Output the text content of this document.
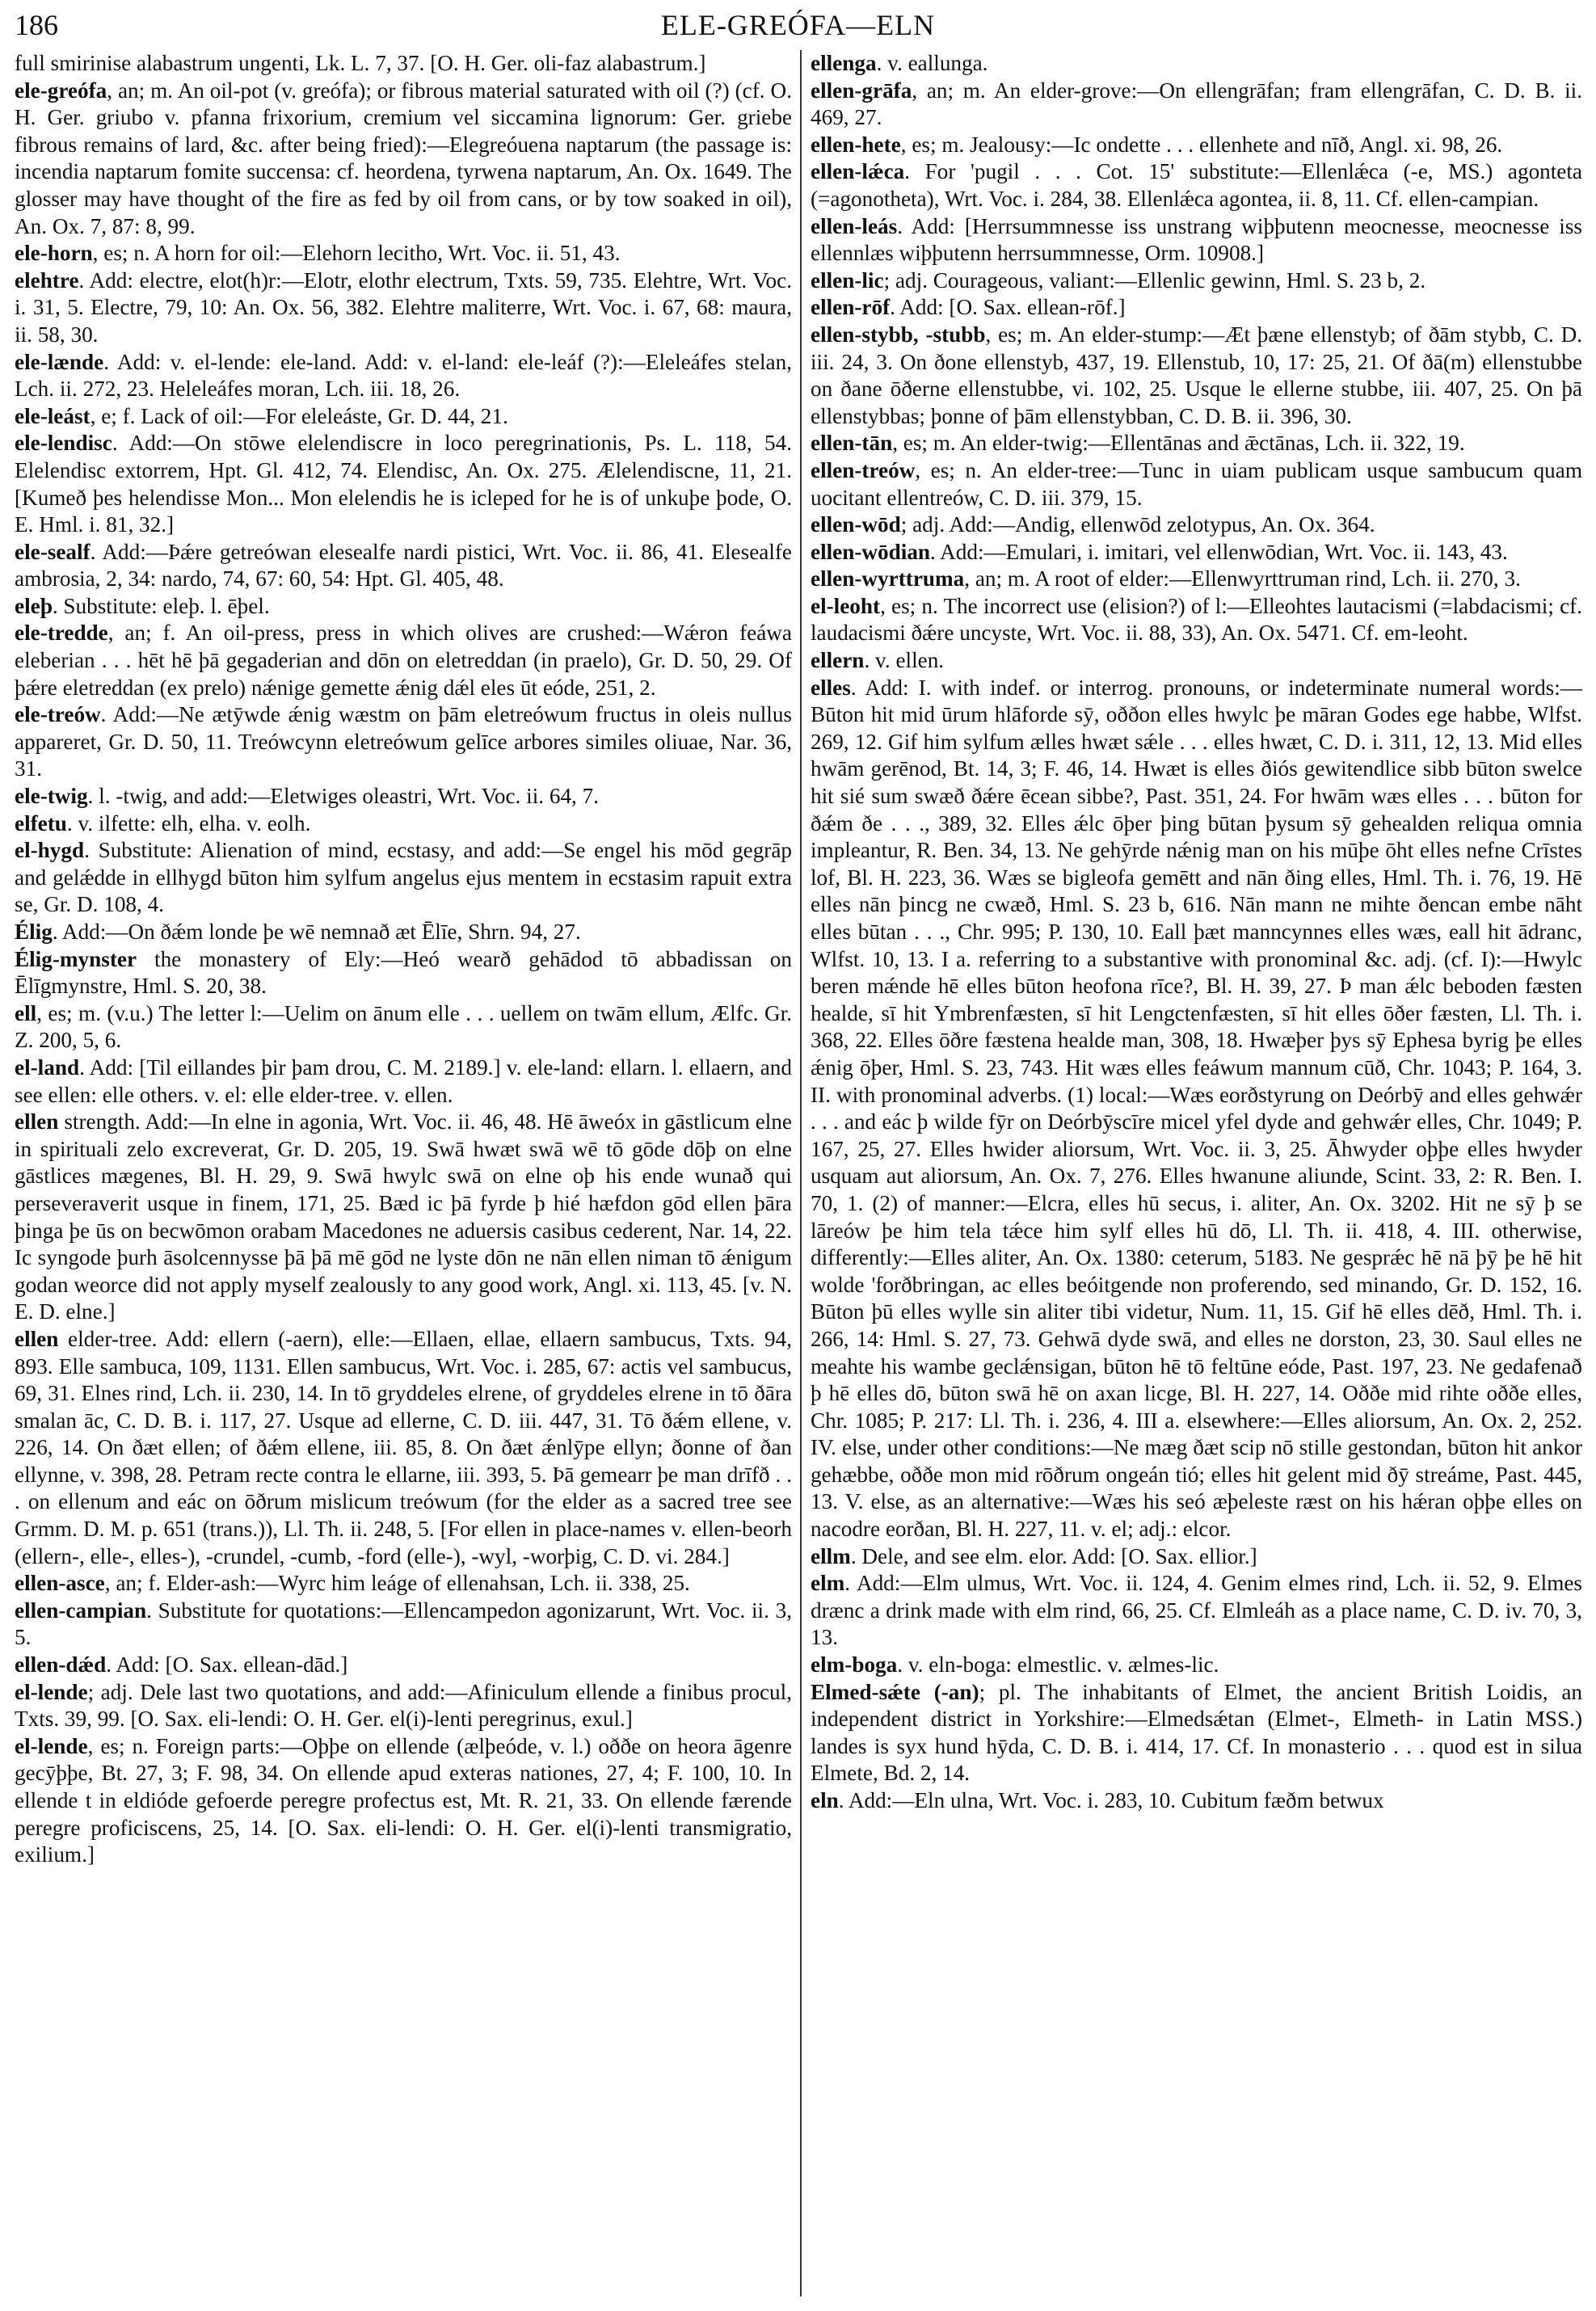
186	ELE-GREÓFA—ELN

full smirinise alabastrum ungenti, Lk. L. 7, 37. [O. H. Ger. oli-faz alabastrum.]

ele-greófa, an; m. An oil-pot (v. greófa); or fibrous material saturated with oil (?) (cf. O. H. Ger. griubo v. pfanna frixorium, cremium vel siccamina lignorum: Ger. griebe fibrous remains of lard, &c. after being fried):—Elegreóuena naptarum (the passage is: incendia naptarum fomite succensa: cf. heordena, tyrwena naptarum, An. Ox. 1649. The glosser may have thought of the fire as fed by oil from cans, or by tow soaked in oil), An. Ox. 7, 87: 8, 99.

ele-horn, es; n. A horn for oil:—Elehorn lecitho, Wrt. Voc. ii. 51, 43.

elehtre. Add: electre, elot(h)r:—Elotr, elothr electrum, Txts. 59, 735. Elehtre, Wrt. Voc. i. 31, 5. Electre, 79, 10: An. Ox. 56, 382. Elehtre maliterre, Wrt. Voc. i. 67, 68: maura, ii. 58, 30.

ele-lænde. Add: v. el-lende: ele-land. Add: v. el-land: ele-leáf (?):—Eleleáfes stelan, Lch. ii. 272, 23. Heleleáfes moran, Lch. iii. 18, 26.

ele-leást, e; f. Lack of oil:—For eleleáste, Gr. D. 44, 21.

ele-lendisc. Add:—On stōwe elelendiscre in loco peregrinationis, Ps. L. 118, 54. Elelendisc extorrem, Hpt. Gl. 412, 74. Elendisc, An. Ox. 275. Ælelendiscne, 11, 21. [Kumeð þes helendisse Mon... Mon elelendis he is icleped for he is of unkuþe þode, O. E. Hml. i. 81, 32.]

ele-sealf. Add:—Þǽre getreówan elesealfe nardi pistici, Wrt. Voc. ii. 86, 41. Elesealfe ambrosia, 2, 34: nardo, 74, 67: 60, 54: Hpt. Gl. 405, 48.

eleþ. Substitute: eleþ. l. ēþel.

ele-tredde, an; f. An oil-press, press in which olives are crushed:—Wǽron feáwa eleberian . . . hēt hē þā gegaderian and dōn on eletreddan (in praelo), Gr. D. 50, 29. Of þǽre eletreddan (ex prelo) nǽnige gemette ǽnig dǽl eles ūt eóde, 251, 2.

ele-treów. Add:—Ne ætȳwde ǽnig wæstm on þām eletreówum fructus in oleis nullus appareret, Gr. D. 50, 11. Treówcynn eletreówum gelīce arbores similes oliuae, Nar. 36, 31.

ele-twig. l. -twig, and add:—Eletwiges oleastri, Wrt. Voc. ii. 64, 7.

elfetu. v. ilfette: elh, elha. v. eolh.

el-hygd. Substitute: Alienation of mind, ecstasy, and add:—Se engel his mōd gegrāp and gelǽdde in ellhygd būton him sylfum angelus ejus mentem in ecstasim rapuit extra se, Gr. D. 108, 4.

Élig. Add:—On ðǽm londe þe wē nemnað æt Ēlīe, Shrn. 94, 27.

Élig-mynster the monastery of Ely:—Heó wearð gehādod tō abbadissan on Ēlīgmynstre, Hml. S. 20, 38.

ell, es; m. (v.u.) The letter l:—Uelim on ānum elle . . . uellem on twām ellum, Ælfc. Gr. Z. 200, 5, 6.

el-land. Add: [Til eillandes þir þam drou, C. M. 2189.] v. ele-land: ellarn. l. ellaern, and see ellen: elle others. v. el: elle elder-tree. v. ellen.

ellen strength. Add:—In elne in agonia, Wrt. Voc. ii. 46, 48. Hē āweóx in gāstlicum elne in spirituali zelo excreverat, Gr. D. 205, 19. Swā hwæt swā wē tō gōde dōþ on elne gāstlices mægenes, Bl. H. 29, 9. Swā hwylc swā on elne oþ his ende wunað qui perseveraverit usque in finem, 171, 25. Bæd ic þā fyrde þ hié hæfdon gōd ellen þāra þinga þe ūs on becwōmon orabam Macedones ne aduersis casibus cederent, Nar. 14, 22. Ic syngode þurh āsolcennysse þā þā mē gōd ne lyste dōn ne nān ellen niman tō ǽnigum godan weorce did not apply myself zealously to any good work, Angl. xi. 113, 45. [v. N. E. D. elne.]

ellen elder-tree. Add: ellern (-aern), elle:—Ellaen, ellae, ellaern sambucus, Txts. 94, 893. Elle sambuca, 109, 1131. Ellen sambucus, Wrt. Voc. i. 285, 67: actis vel sambucus, 69, 31. Elnes rind, Lch. ii. 230, 14. In tō gryddeles elrene, of gryddeles elrene in tō ðāra smalan āc, C. D. B. i. 117, 27. Usque ad ellerne, C. D. iii. 447, 31. Tō ðǽm ellene, v. 226, 14. On ðæt ellen; of ðǽm ellene, iii. 85, 8. On ðæt ǽnlȳpe ellyn; ðonne of ðan ellynne, v. 398, 28. Petram recte contra le ellarne, iii. 393, 5. Þā gemearr þe man drīfð . . . on ellenum and eác on ōðrum mislicum treówum (for the elder as a sacred tree see Grmm. D. M. p. 651 (trans.)), Ll. Th. ii. 248, 5. [For ellen in place-names v. ellen-beorh (ellern-, elle-, elles-), -crundel, -cumb, -ford (elle-), -wyl, -worþig, C. D. vi. 284.]

ellen-asce, an; f. Elder-ash:—Wyrc him leáge of ellenahsan, Lch. ii. 338, 25.

ellen-campian. Substitute for quotations:—Ellencampedon agonizarunt, Wrt. Voc. ii. 3, 5.

ellen-dǽd. Add: [O. Sax. ellean-dād.]

el-lende; adj. Dele last two quotations, and add:—Afiniculum ellende a finibus procul, Txts. 39, 99. [O. Sax. eli-lendi: O. H. Ger. el(i)-lenti peregrinus, exul.]

el-lende, es; n. Foreign parts:—Oþþe on ellende (ælþeóde, v. l.) oððe on heora āgenre gecȳþþe, Bt. 27, 3; F. 98, 34. On ellende apud exteras nationes, 27, 4; F. 100, 10. In ellende t in eldióde gefoerde peregre profectus est, Mt. R. 21, 33. On ellende færende peregre proficiscens, 25, 14. [O. Sax. eli-lendi: O. H. Ger. el(i)-lenti transmigratio, exilium.]

ellenga. v. eallunga.

ellen-grāfa, an; m. An elder-grove:—On ellengrāfan; fram ellengrāfan, C. D. B. ii. 469, 27.

ellen-hete, es; m. Jealousy:—Ic ondette . . . ellenhete and nīð, Angl. xi. 98, 26.

ellen-lǽca. For 'pugil . . . Cot. 15' substitute:—Ellenlǽca (-e, MS.) agonteta (=agonotheta), Wrt. Voc. i. 284, 38. Ellenlǽca agontea, ii. 8, 11. Cf. ellen-campian.

ellen-leás. Add: [Herrsummnesse iss unstrang wiþþutenn meocnesse, meocnesse iss ellennlæs wiþþutenn herrsummnesse, Orm. 10908.]

ellen-lic; adj. Courageous, valiant:—Ellenlic gewinn, Hml. S. 23 b, 2.

ellen-rōf. Add: [O. Sax. ellean-rōf.]

ellen-stybb, -stubb, es; m. An elder-stump:—Æt þæne ellenstyb; of ðām stybb, C. D. iii. 24, 3. On ðone ellenstyb, 437, 19. Ellenstub, 10, 17: 25, 21. Of ðā(m) ellenstubbe on ðane ōðerne ellenstubbe, vi. 102, 25. Usque le ellerne stubbe, iii. 407, 25. On þā ellenstybbas; þonne of þām ellenstybban, C. D. B. ii. 396, 30.

ellen-tān, es; m. An elder-twig:—Ellentānas and ǣctānas, Lch. ii. 322, 19.

ellen-treów, es; n. An elder-tree:—Tunc in uiam publicam usque sambucum quam uocitant ellentreów, C. D. iii. 379, 15.

ellen-wōd; adj. Add:—Andig, ellenwōd zelotypus, An. Ox. 364.

ellen-wōdian. Add:—Emulari, i. imitari, vel ellenwōdian, Wrt. Voc. ii. 143, 43.

ellen-wyrttruma, an; m. A root of elder:—Ellenwyrttruman rind, Lch. ii. 270, 3.

el-leoht, es; n. The incorrect use (elision?) of l:—Elleohtes lautacismi (=labdacismi; cf. laudacismi ðǽre uncyste, Wrt. Voc. ii. 88, 33), An. Ox. 5471. Cf. em-leoht.

ellern. v. ellen.

elles. Add: I. with indef. or interrog. pronouns, or indeterminate numeral words:—Būton hit mid ūrum hlāforde sȳ, oððon elles hwylc þe māran Godes ege habbe, Wlfst. 269, 12. Gif him sylfum ælles hwæt sǽle . . . elles hwæt, C. D. i. 311, 12, 13. Mid elles hwām gerēnod, Bt. 14, 3; F. 46, 14. Hwæt is elles ðiós gewitendlice sibb būton swelce hit sié sum swæð ðǽre ēcean sibbe?, Past. 351, 24. For hwām wæs elles . . . būton for ðǽm ðe . . ., 389, 32. Elles ǽlc ōþer þing būtan þysum sȳ gehealden reliqua omnia impleantur, R. Ben. 34, 13. Ne gehȳrde nǽnig man on his mūþe ōht elles nefne Crīstes lof, Bl. H. 223, 36. Wæs se bigleofa gemētt and nān ðing elles, Hml. Th. i. 76, 19. Hē elles nān þincg ne cwæð, Hml. S. 23 b, 616. Nān mann ne mihte ðencan embe nāht elles būtan . . ., Chr. 995; P. 130, 10. Eall þæt manncynnes elles wæs, eall hit ādranc, Wlfst. 10, 13. I a. referring to a substantive with pronominal &c. adj. (cf. I):—Hwylc beren mǽnde hē elles būton heofona rīce?, Bl. H. 39, 27. Þ man ǽlc beboden fæsten healde, sī hit Ymbrenfæsten, sī hit Lengctenfæsten, sī hit elles ōðer fæsten, Ll. Th. i. 368, 22. Elles ōðre fæstena healde man, 308, 18. Hwæþer þys sȳ Ephesa byrig þe elles ǽnig ōþer, Hml. S. 23, 743. Hit wæs elles feáwum mannum cūð, Chr. 1043; P. 164, 3. II. with pronominal adverbs. (1) local:—Wæs eorðstyrung on Deórbȳ and elles gehwǽr . . . and eác þ wilde fȳr on Deórbȳscīre micel yfel dyde and gehwǽr elles, Chr. 1049; P. 167, 25, 27. Elles hwider aliorsum, Wrt. Voc. ii. 3, 25. Āhwyder oþþe elles hwyder usquam aut aliorsum, An. Ox. 7, 276. Elles hwanune aliunde, Scint. 33, 2: R. Ben. I. 70, 1. (2) of manner:—Elcra, elles hū secus, i. aliter, An. Ox. 3202. Hit ne sȳ þ se lāreów þe him tela tǽce him sylf elles hū dō, Ll. Th. ii. 418, 4. III. otherwise, differently:—Elles aliter, An. Ox. 1380: ceterum, 5183. Ne gesprǽc hē nā þȳ þe hē hit wolde 'forðbringan, ac elles beóitgende non proferendo, sed minando, Gr. D. 152, 16. Būton þū elles wylle sin aliter tibi videtur, Num. 11, 15. Gif hē elles dēð, Hml. Th. i. 266, 14: Hml. S. 27, 73. Gehwā dyde swā, and elles ne dorston, 23, 30. Saul elles ne meahte his wambe geclǽnsigan, būton hē tō feltūne eóde, Past. 197, 23. Ne gedafenað þ hē elles dō, būton swā hē on axan licge, Bl. H. 227, 14. Oððe mid rihte oððe elles, Chr. 1085; P. 217: Ll. Th. i. 236, 4. III a. elsewhere:—Elles aliorsum, An. Ox. 2, 252. IV. else, under other conditions:—Ne mæg ðæt scip nō stille gestondan, būton hit ankor gehæbbe, oððe mon mid rōðrum ongeán tió; elles hit gelent mid ðȳ streáme, Past. 445, 13. V. else, as an alternative:—Wæs his seó æþeleste ræst on his hǽran oþþe elles on nacodre eorðan, Bl. H. 227, 11. v. el; adj.: elcor.

ellm. Dele, and see elm. elor. Add: [O. Sax. ellior.]

elm. Add:—Elm ulmus, Wrt. Voc. ii. 124, 4. Genim elmes rind, Lch. ii. 52, 9. Elmes drænc a drink made with elm rind, 66, 25. Cf. Elmleáh as a place name, C. D. iv. 70, 3, 13.

elm-boga. v. eln-boga: elmestlic. v. ælmes-lic.

Elmed-sǽte (-an); pl. The inhabitants of Elmet, the ancient British Loidis, an independent district in Yorkshire:—Elmedsǽtan (Elmet-, Elmeth- in Latin MSS.) landes is syx hund hȳda, C. D. B. i. 414, 17. Cf. In monasterio . . . quod est in silua Elmete, Bd. 2, 14.

eln. Add:—Eln ulna, Wrt. Voc. i. 283, 10. Cubitum fæðm betwux
